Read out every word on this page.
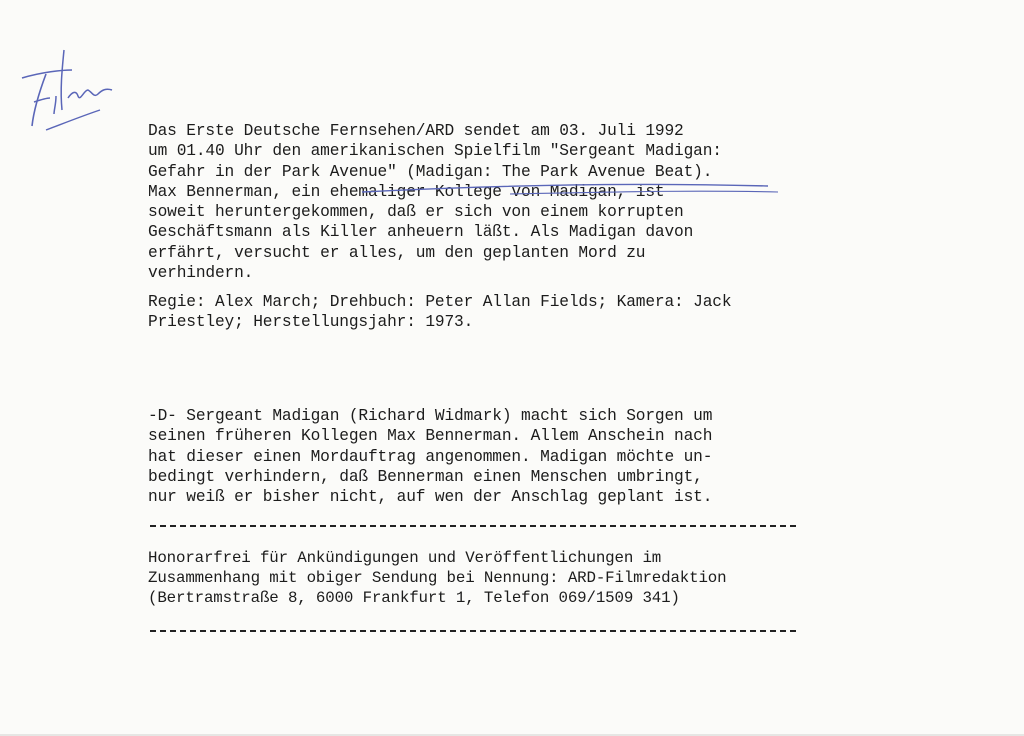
Das Erste Deutsche Fernsehen/ARD sendet am 03. Juli 1992
um 01.40 Uhr den amerikanischen Spielfilm "Sergeant Madigan:
Gefahr in der Park Avenue" (Madigan: The Park Avenue Beat).
Max Bennerman, ein ehemaliger Kollege von Madigan, ist
soweit heruntergekommen, daß er sich von einem korrupten
Geschäftsmann als Killer anheuern läßt. Als Madigan davon
erfährt, versucht er alles, um den geplanten Mord zu
verhindern.
Regie: Alex March; Drehbuch: Peter Allan Fields; Kamera: Jack
Priestley; Herstellungsjahr: 1973.
-D- Sergeant Madigan (Richard Widmark) macht sich Sorgen um
seinen früheren Kollegen Max Bennerman. Allem Anschein nach
hat dieser einen Mordauftrag angenommen. Madigan möchte un-
bedingt verhindern, daß Bennerman einen Menschen umbringt,
nur weiß er bisher nicht, auf wen der Anschlag geplant ist.
Honorarfrei für Ankündigungen und Veröffentlichungen im
Zusammenhang mit obiger Sendung bei Nennung: ARD-Filmredaktion
(Bertramstraße 8, 6000 Frankfurt 1, Telefon 069/1509 341)
